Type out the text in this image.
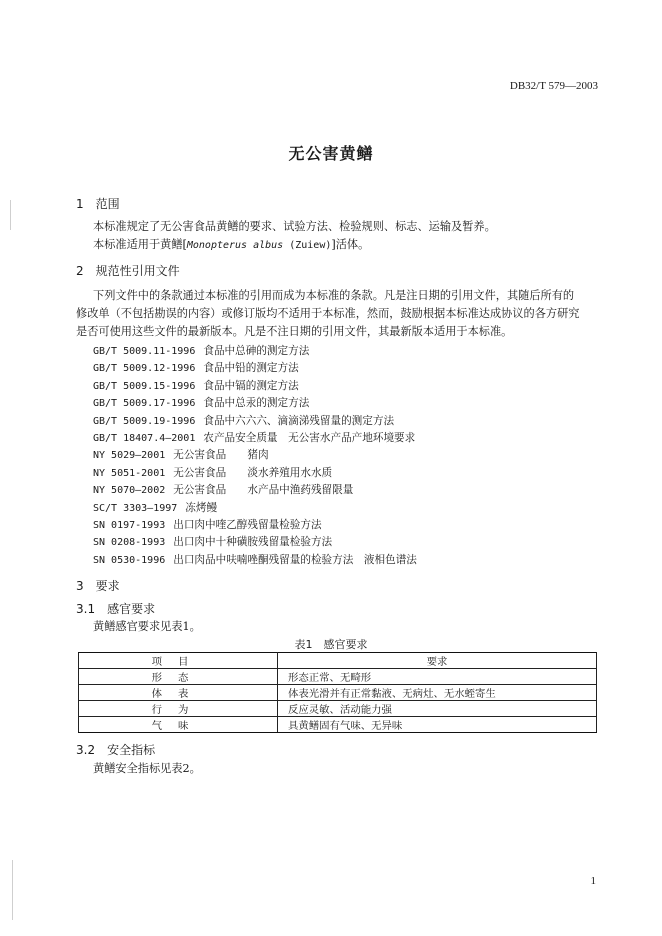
DB32/T 579—2003
无公害黄鳝
1　范围
本标准规定了无公害食品黄鳝的要求、试验方法、检验规则、标志、运输及暂养。
本标准适用于黄鳝[Monopterus albus (Zuiew)]活体。
2　规范性引用文件
下列文件中的条款通过本标准的引用而成为本标准的条款。凡是注日期的引用文件，其随后所有的
修改单（不包括勘误的内容）或修订版均不适用于本标准，然而，鼓励根据本标准达成协议的各方研究
是否可使用这些文件的最新版本。凡是不注日期的引用文件，其最新版本适用于本标准。
GB/T 5009.11-1996 食品中总砷的测定方法
GB/T 5009.12-1996 食品中铅的测定方法
GB/T 5009.15-1996 食品中镉的测定方法
GB/T 5009.17-1996 食品中总汞的测定方法
GB/T 5009.19-1996 食品中六六六、滴滴涕残留量的测定方法
GB/T 18407.4—2001 农产品安全质量　无公害水产品产地环境要求
NY 5029—2001 无公害食品　　猪肉
NY 5051-2001 无公害食品　　淡水养殖用水水质
NY 5070—2002 无公害食品　　水产品中渔药残留限量
SC/T 3303—1997 冻烤鳗
SN 0197-1993 出口肉中喹乙醇残留量检验方法
SN 0208-1993 出口肉中十种磺胺残留量检验方法
SN 0530-1996 出口肉品中呋喃唑酮残留量的检验方法　液相色谱法
3　要求
3.1　感官要求
黄鳝感官要求见表1。
表1　感官要求
项目	要求
形态	形态正常、无畸形
体表	体表光滑并有正常黏液、无病灶、无水蛭寄生
行为	反应灵敏、活动能力强
气味	具黄鳝固有气味、无异味
3.2　安全指标
黄鳝安全指标见表2。
1
